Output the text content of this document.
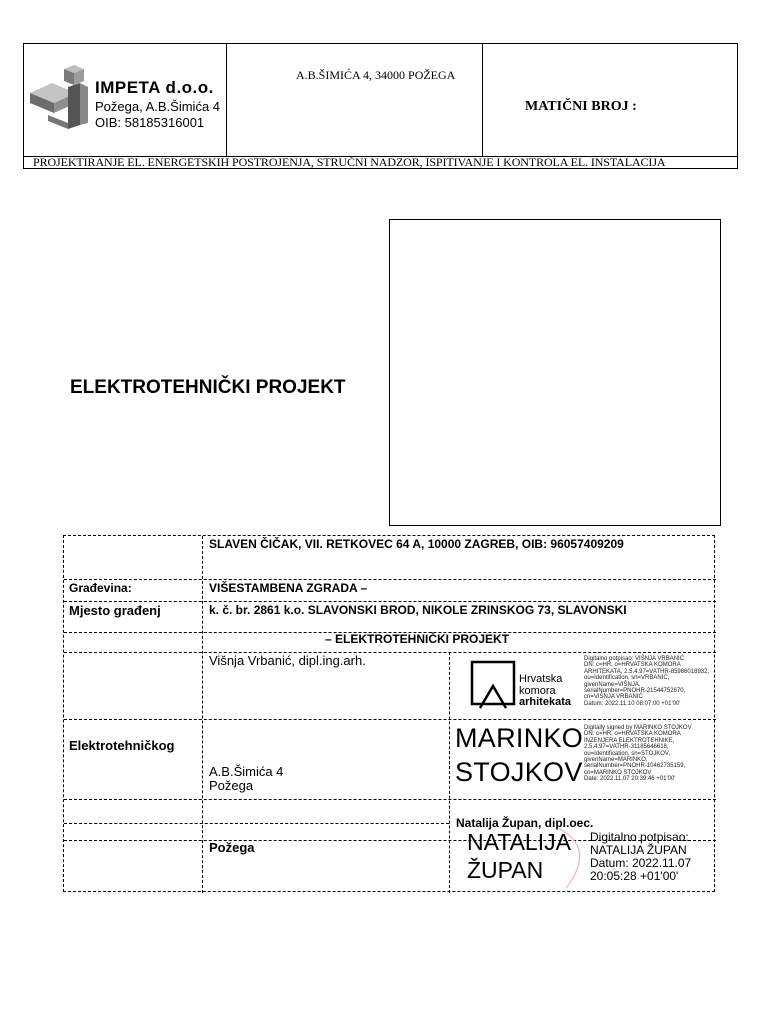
IMPETA d.o.o.
Požega, A.B.Šimića 4
OIB: 58185316001
A.B.ŠIMIĆA 4, 34000 POŽEGA
MATIČNI BROJ :
PROJEKTIRANJE EL. ENERGETSKIH POSTROJENJA, STRUČNI NADZOR, ISPITIVANJE I KONTROLA EL. INSTALACIJA
ELEKTROTEHNIČKI PROJEKT
SLAVEN ČIČAK, VII. RETKOVEC 64 A, 10000 ZAGREB, OIB: 96057409209
Građevina:	VIŠESTAMBENA ZGRADA –
Mjesto građenj	k. č. br. 2861 k.o. SLAVONSKI BROD, NIKOLE ZRINSKOG 73, SLAVONSKI
– ELEKTROTEHNIČKI PROJEKT
Višnja Vrbanić, dipl.ing.arh.
Elektrotehničkog
A.B.Šimića 4
Požega
Natalija Župan, dipl.oec.
Požega
Hrvatska
komora
arhitekata
Digitalno potpisao: VIŠNJA VRBANIĆ
DN: c=HR, o=HRVATSKA KOMORA
ARHITEKATA, 2.5.4.97=VATHR-85986018932,
ou=Identification, sn=VRBANIĆ,
givenName=VIŠNJA,
serialNumber=PNOHR-21544752670,
cn=VIŠNJA VRBANIĆ
Datum: 2022.11.10 08:07:00 +01'00'
MARINKO
STOJKOV
Digitally signed by MARINKO STOJKOV
DN: c=HR, o=HRVATSKA KOMORA
INZENJERA ELEKTROTEHNIKE,
2.5.4.97=VATHR-31185646618,
ou=Identification, sn=STOJKOV,
givenName=MARINKO,
serialNumber=PNOHR-10462735159,
cn=MARINKO STOJKOV
Date: 2022.11.07 20:39:46 +01'00'
NATALIJA
ŽUPAN
Digitalno potpisao:
NATALIJA ŽUPAN
Datum: 2022.11.07
20:05:28 +01'00'
